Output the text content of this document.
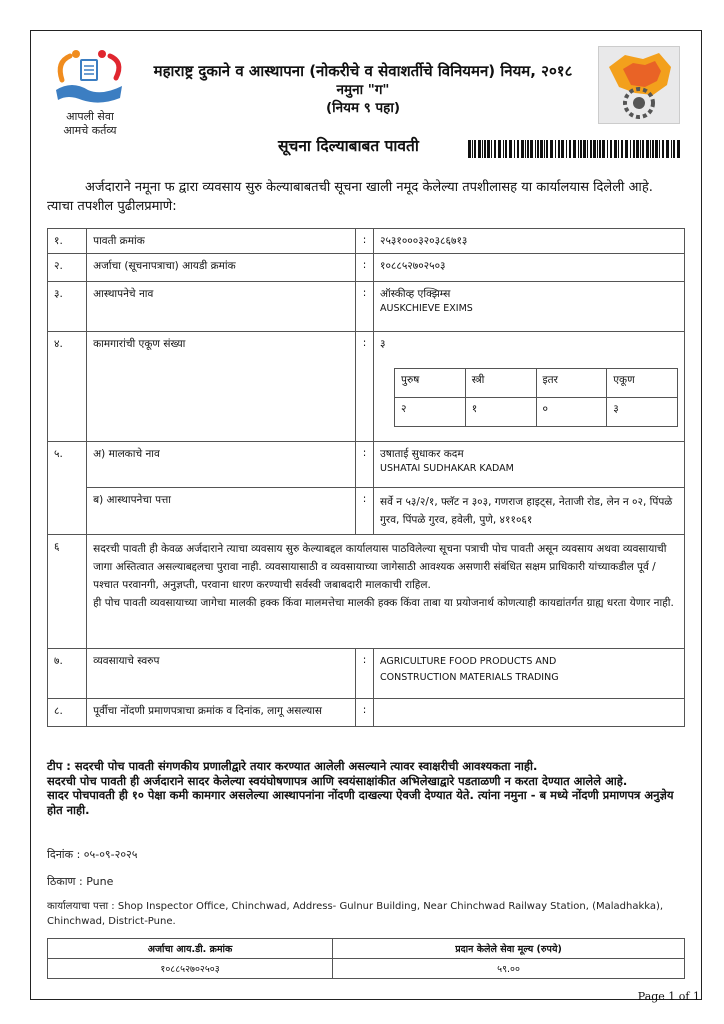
आपली सेवा
आमचे कर्तव्य
महाराष्ट्र दुकाने व आस्थापना (नोकरीचे व सेवाशर्तीचे विनियमन) नियम, २०१८
नमुना "ग"
(नियम ९ पहा)
सूचना दिल्याबाबत पावती
अर्जदाराने नमूना फ द्वारा व्यवसाय सुरु केल्याबाबतची सूचना खाली नमूद केलेल्या तपशीलासह या कार्यालयास दिलेली आहे. त्याचा तपशील पुढीलप्रमाणे:
१.	पावती क्रमांक	:	२५३१०००३२०३८६७१३
२.	अर्जाचा (सूचनापत्राचा) आयडी क्रमांक	:	१०८८५२७०२५०३
३.	आस्थापनेचे नाव	:	ऑस्कीव्ह एक्झिम्स
AUSKCHIEVE EXIMS

४.	कामगारांची एकूण संख्या	:	३
पुरुष	स्त्री	इतर	एकूण
२	१	०	३

५.	अ) मालकाचे नाव	:	उषाताई सुधाकर कदम
USHATAI SUDHAKAR KADAM

ब) आस्थापनेचा पत्ता	:	सर्वे न ५३/२/१, फ्लॅट न ३०३, गणराज हाइट्स, नेताजी रोड, लेन न ०२, पिंपळे गुरव, पिंपळे गुरव, हवेली, पुणे, ४११०६१
६	सदरची पावती ही केवळ अर्जदाराने त्याचा व्यवसाय सुरु केल्याबद्दल कार्यालयास पाठविलेल्या सूचना पत्राची पोच पावती असून व्यवसाय अथवा व्यवसायाची जागा अस्तित्वात असल्याबद्दलचा पुरावा नाही. व्यवसायासाठी व व्यवसायाच्या जागेसाठी आवश्यक असणारी संबंधित सक्षम प्राधिकारी यांच्याकडील पूर्व / पश्चात परवानगी, अनुज्ञप्ती, परवाना धारण करण्याची सर्वस्वी जबाबदारी मालकाची राहिल.
ही पोच पावती व्यवसायाच्या जागेचा मालकी हक्क किंवा मालमत्तेचा मालकी हक्क किंवा ताबा या प्रयोजनार्थ कोणत्याही कायद्यांतर्गत ग्राह्य धरता येणार नाही.

७.	व्यवसायाचे स्वरुप	:	AGRICULTURE FOOD PRODUCTS AND
CONSTRUCTION MATERIALS TRADING

८.	पूर्वीचा नोंदणी प्रमाणपत्राचा क्रमांक व दिनांक, लागू असल्यास	:	
टीप : सदरची पोच पावती संगणकीय प्रणालीद्वारे तयार करण्यात आलेली असल्याने त्यावर स्वाक्षरीची आवश्यकता नाही.
सदरची पोच पावती ही अर्जदाराने सादर केलेल्या स्वयंघोषणापत्र आणि स्वयंसाक्षांकीत अभिलेखाद्वारे पडताळणी न करता देण्यात आलेले आहे.
सादर पोचपावती ही १० पेक्षा कमी कामगार असलेल्या आस्थापनांना नोंदणी दाखल्या ऐवजी देण्यात येते. त्यांना नमुना - ब मध्ये नोंदणी प्रमाणपत्र अनुज्ञेय होत नाही.
दिनांक : ०५-०९-२०२५
ठिकाण : Pune
कार्यालयाचा पत्ता : Shop Inspector Office, Chinchwad, Address- Gulnur Building, Near Chinchwad Railway Station, (Maladhakka), Chinchwad, District-Pune.
अर्जाचा आय.डी. क्रमांक	प्रदान केलेले सेवा मूल्य (रुपये)
१०८८५२७०२५०३	५९.००
Page 1 of 1
